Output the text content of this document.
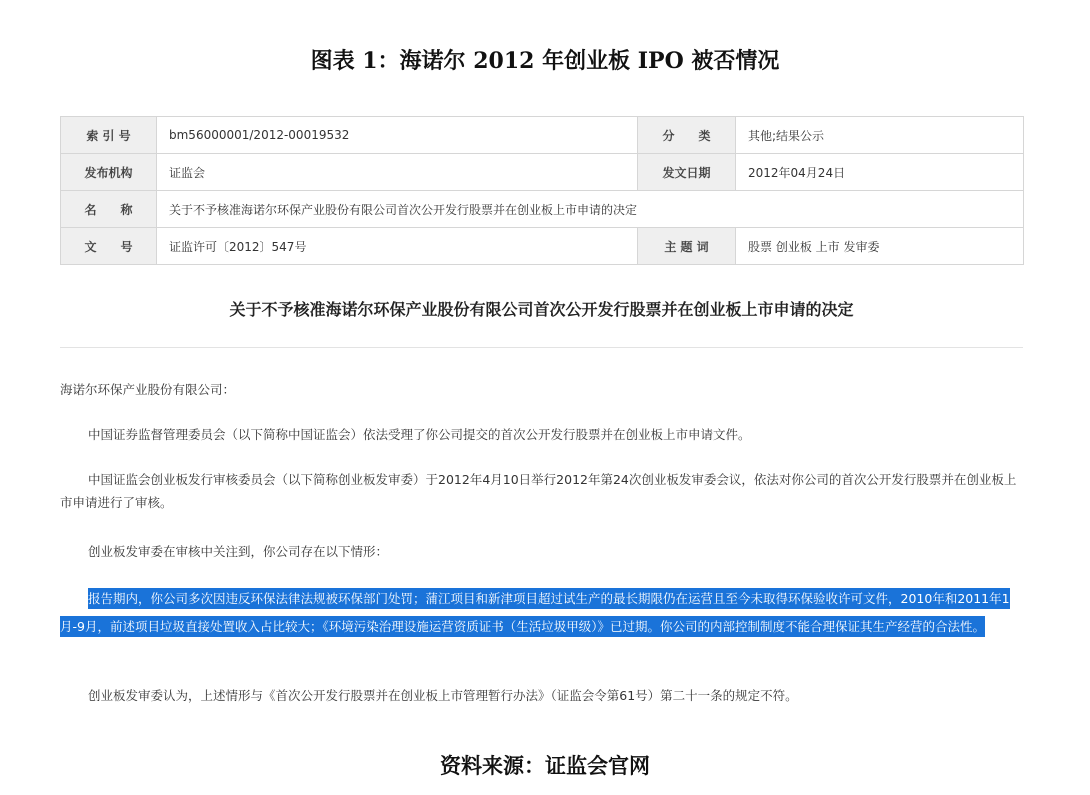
图表 1：海诺尔 2012 年创业板 IPO 被否情况
索 引 号	bm56000001/2012-00019532	分　　类	其他;结果公示
发布机构	证监会	发文日期	2012年04月24日
名　　称	关于不予核准海诺尔环保产业股份有限公司首次公开发行股票并在创业板上市申请的决定		
文　　号	证监许可〔2012〕547号	主 题 词	股票 创业板 上市 发审委
关于不予核准海诺尔环保产业股份有限公司首次公开发行股票并在创业板上市申请的决定
海诺尔环保产业股份有限公司：
中国证券监督管理委员会（以下简称中国证监会）依法受理了你公司提交的首次公开发行股票并在创业板上市申请文件。
中国证监会创业板发行审核委员会（以下简称创业板发审委）于2012年4月10日举行2012年第24次创业板发审委会议，依法对你公司的首次公开发行股票并在创业板上市申请进行了审核。
创业板发审委在审核中关注到，你公司存在以下情形：
报告期内，你公司多次因违反环保法律法规被环保部门处罚；蒲江项目和新津项目超过试生产的最长期限仍在运营且至今未取得环保验收许可文件，2010年和2011年1月-9月，前述项目垃圾直接处置收入占比较大；《环境污染治理设施运营资质证书（生活垃圾甲级）》已过期。你公司的内部控制制度不能合理保证其生产经营的合法性。
创业板发审委认为，上述情形与《首次公开发行股票并在创业板上市管理暂行办法》（证监会令第61号）第二十一条的规定不符。
资料来源：证监会官网
